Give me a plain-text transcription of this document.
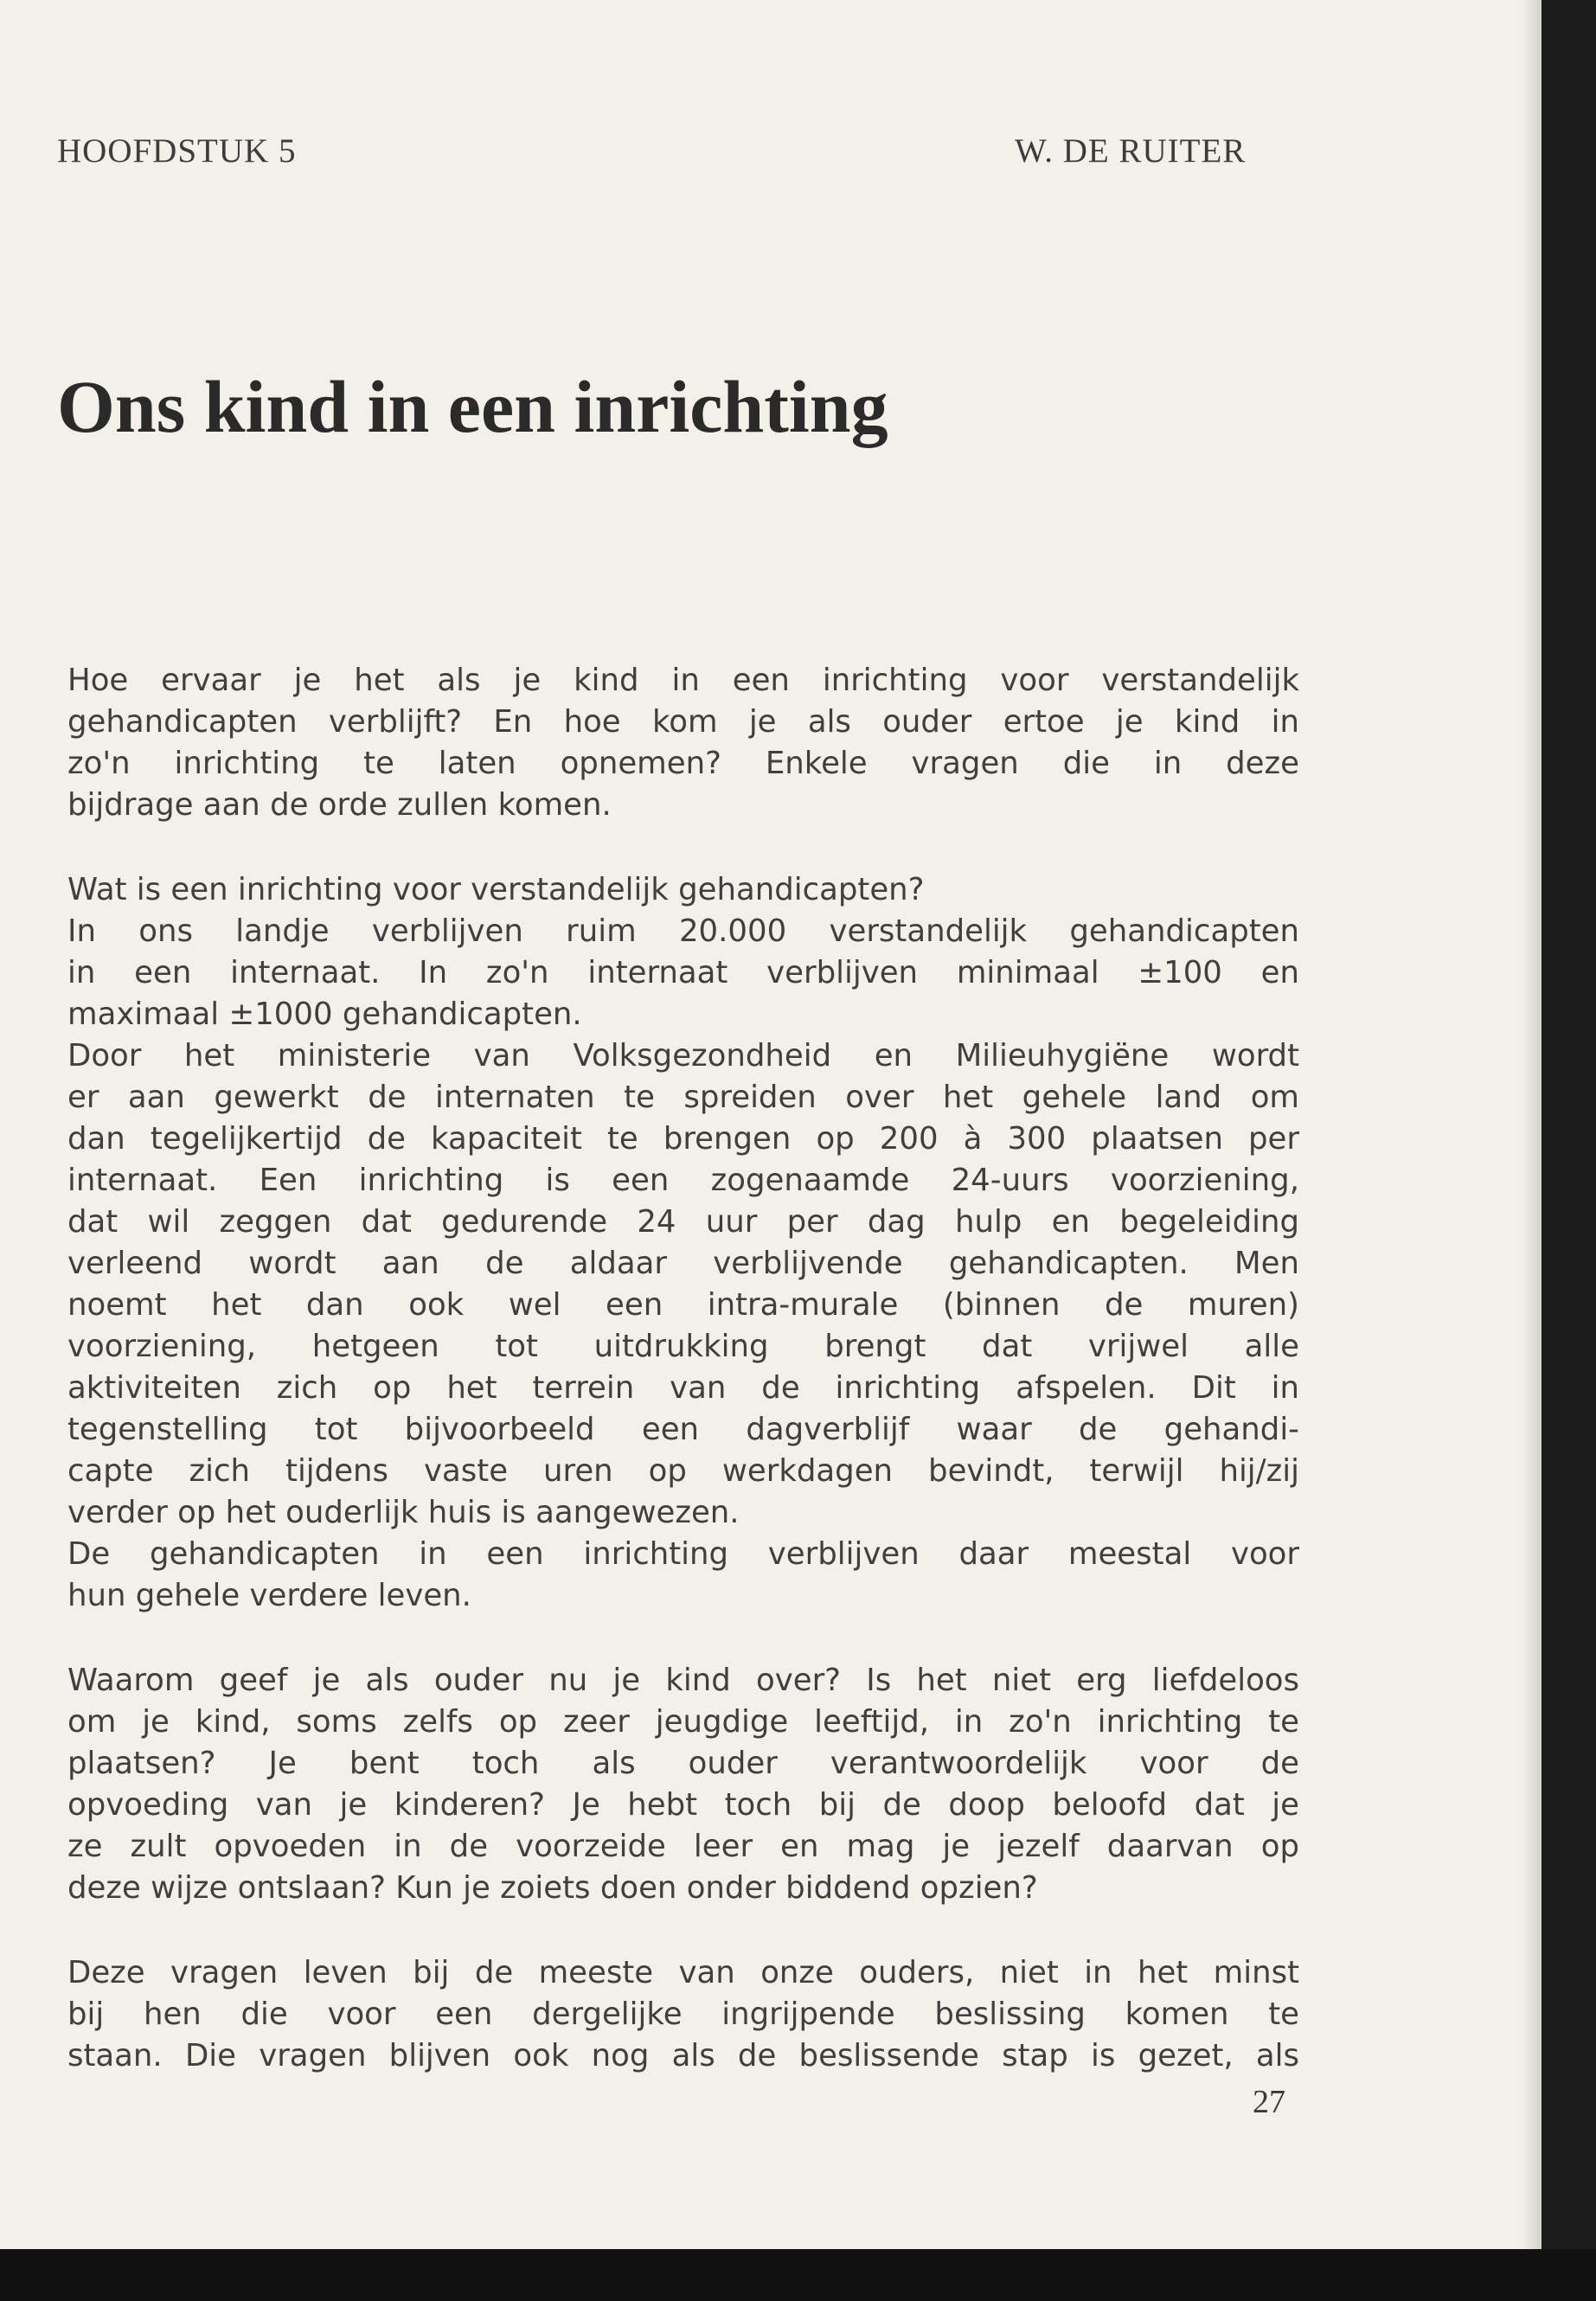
HOOFDSTUK 5	W. DE RUITER
Ons kind in een inrichting
Hoe ervaar je het als je kind in een inrichting voor verstandelijk
gehandicapten verblijft? En hoe kom je als ouder ertoe je kind in
zo'n inrichting te laten opnemen? Enkele vragen die in deze
bijdrage aan de orde zullen komen.
Wat is een inrichting voor verstandelijk gehandicapten?
In ons landje verblijven ruim 20.000 verstandelijk gehandicapten
in een internaat. In zo'n internaat verblijven minimaal ±100 en
maximaal ±1000 gehandicapten.
Door het ministerie van Volksgezondheid en Milieuhygiëne wordt
er aan gewerkt de internaten te spreiden over het gehele land om
dan tegelijkertijd de kapaciteit te brengen op 200 à 300 plaatsen per
internaat. Een inrichting is een zogenaamde 24-uurs voorziening,
dat wil zeggen dat gedurende 24 uur per dag hulp en begeleiding
verleend wordt aan de aldaar verblijvende gehandicapten. Men
noemt het dan ook wel een intra-murale (binnen de muren)
voorziening, hetgeen tot uitdrukking brengt dat vrijwel alle
aktiviteiten zich op het terrein van de inrichting afspelen. Dit in
tegenstelling tot bijvoorbeeld een dagverblijf waar de gehandi-
capte zich tijdens vaste uren op werkdagen bevindt, terwijl hij/zij
verder op het ouderlijk huis is aangewezen.
De gehandicapten in een inrichting verblijven daar meestal voor
hun gehele verdere leven.
Waarom geef je als ouder nu je kind over? Is het niet erg liefdeloos
om je kind, soms zelfs op zeer jeugdige leeftijd, in zo'n inrichting te
plaatsen? Je bent toch als ouder verantwoordelijk voor de
opvoeding van je kinderen? Je hebt toch bij de doop beloofd dat je
ze zult opvoeden in de voorzeide leer en mag je jezelf daarvan op
deze wijze ontslaan? Kun je zoiets doen onder biddend opzien?
Deze vragen leven bij de meeste van onze ouders, niet in het minst
bij hen die voor een dergelijke ingrijpende beslissing komen te
staan. Die vragen blijven ook nog als de beslissende stap is gezet, als
27
